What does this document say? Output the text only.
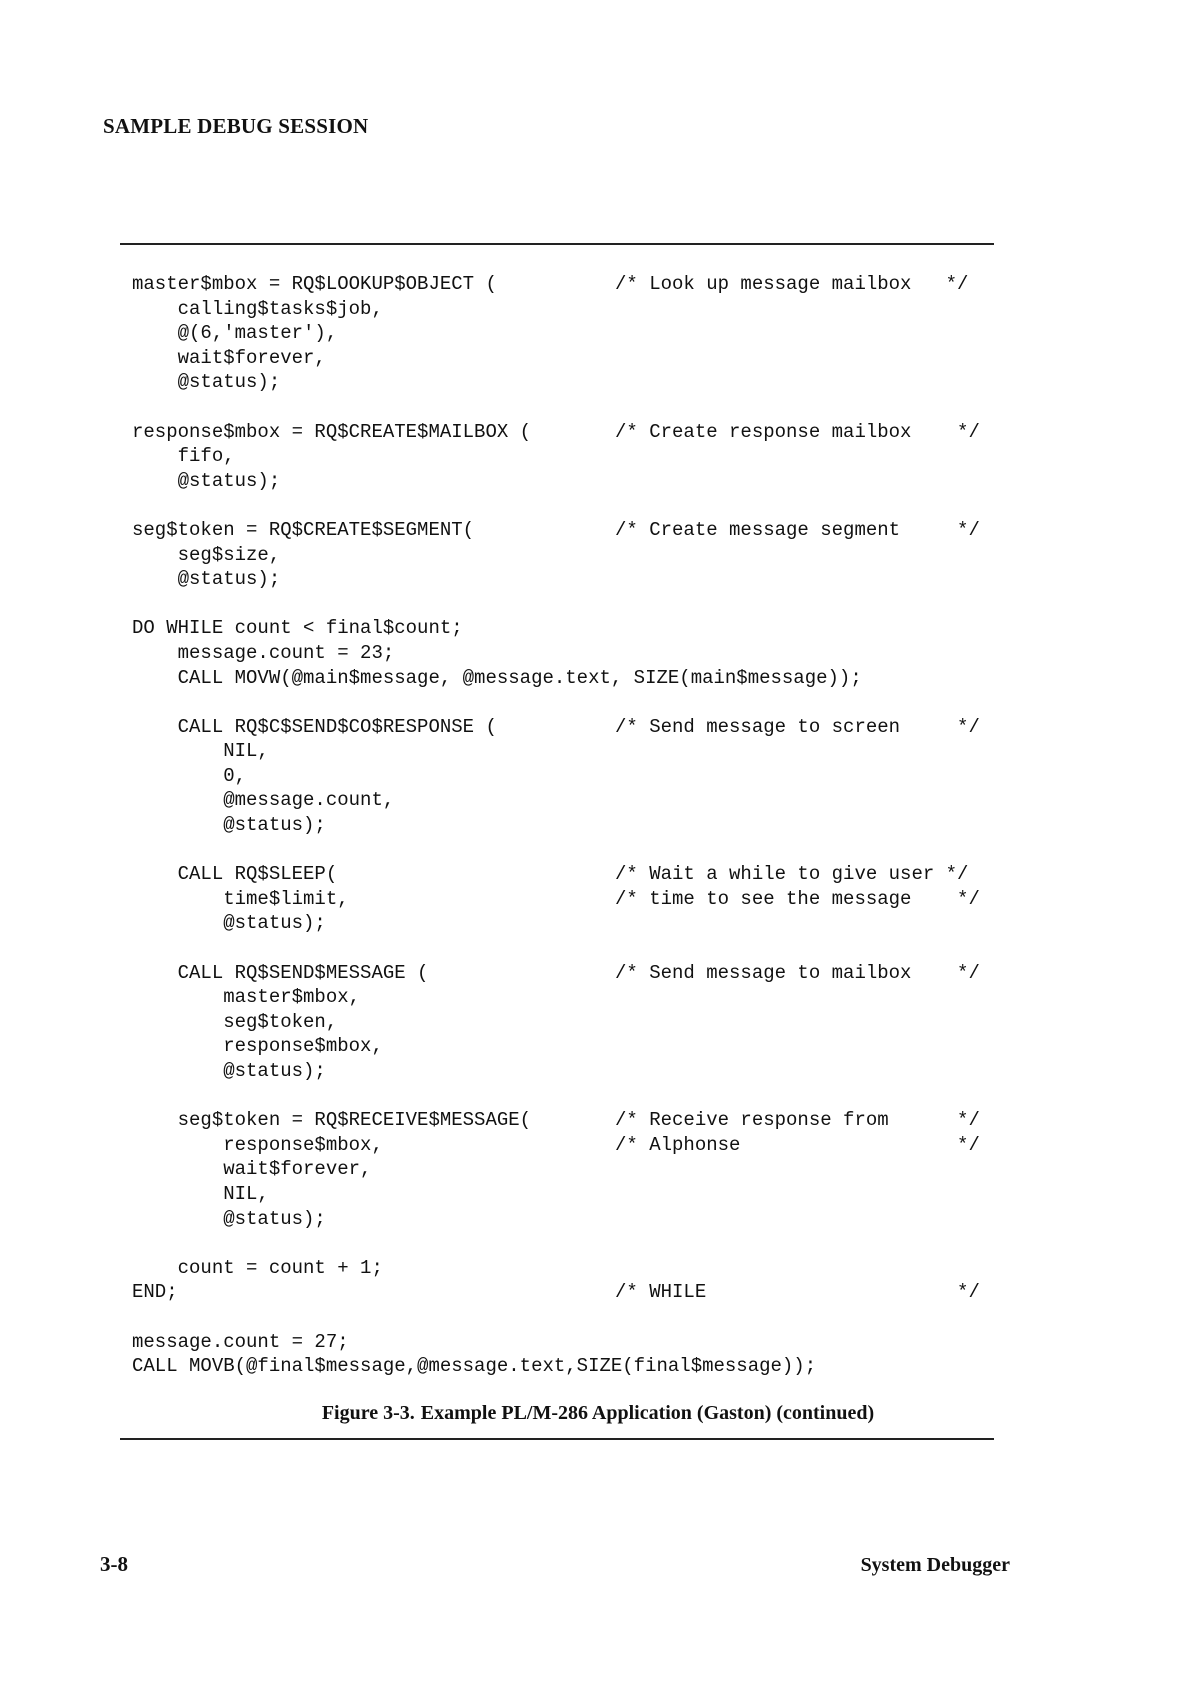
SAMPLE DEBUG SESSION
master$mbox = RQ$LOOKUP$OBJECT (	/* Look up message mailbox   */
calling$tasks$job,
@(6,'master'),
wait$forever,
@status);
response$mbox = RQ$CREATE$MAILBOX (	/* Create response mailbox    */
fifo,
@status);
seg$token = RQ$CREATE$SEGMENT(	/* Create message segment     */
seg$size,
@status);
DO WHILE count < final$count;
message.count = 23;
CALL MOVW(@main$message, @message.text, SIZE(main$message));
CALL RQ$C$SEND$CO$RESPONSE (	/* Send message to screen     */
NIL,
0,
@message.count,
@status);
CALL RQ$SLEEP(	/* Wait a while to give user */
time$limit,	/* time to see the message    */
@status);
CALL RQ$SEND$MESSAGE (	/* Send message to mailbox    */
master$mbox,
seg$token,
response$mbox,
@status);
seg$token = RQ$RECEIVE$MESSAGE(	/* Receive response from      */
response$mbox,	/* Alphonse                   */
wait$forever,
NIL,
@status);
count = count + 1;
END;	/* WHILE                      */
message.count = 27;
CALL MOVB(@final$message,@message.text,SIZE(final$message));
Figure 3-3. Example PL/M-286 Application (Gaston) (continued)
3-8	System Debugger
